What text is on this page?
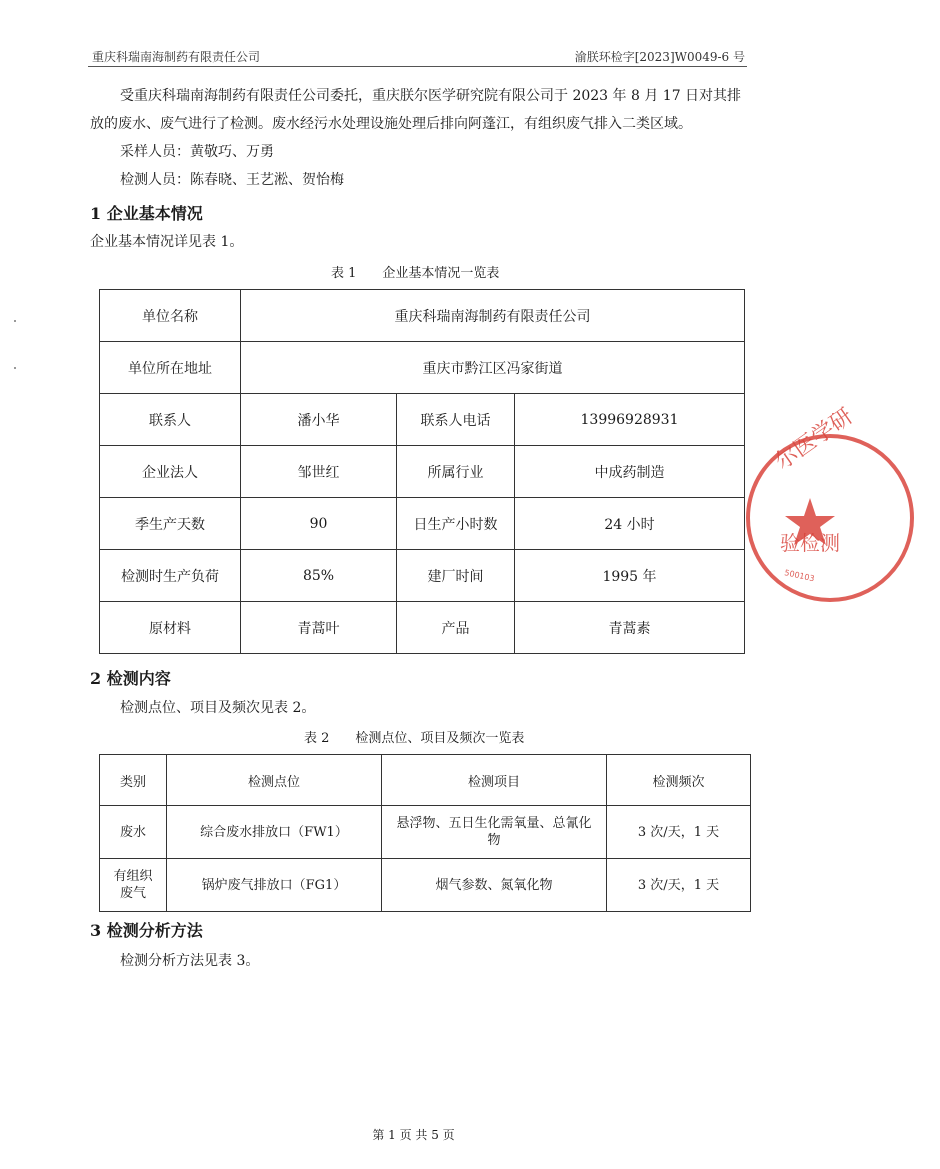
重庆科瑞南海制药有限责任公司	渝朕环检字[2023]W0049-6 号
受重庆科瑞南海制药有限责任公司委托，重庆朕尔医学研究院有限公司于 2023 年 8 月 17 日对其排
放的废水、废气进行了检测。废水经污水处理设施处理后排向阿蓬江，有组织废气排入二类区域。
采样人员：黄敬巧、万勇
检测人员：陈春晓、王艺淞、贺怡梅
1 企业基本情况
企业基本情况详见表 1。
表 1　　企业基本情况一览表
单位名称	重庆科瑞南海制药有限责任公司		
单位所在地址	重庆市黔江区冯家街道		
联系人	潘小华	联系人电话	13996928931
企业法人	邹世红	所属行业	中成药制造
季生产天数	90	日生产小时数	24 小时
检测时生产负荷	85%	建厂时间	1995 年
原材料	青蒿叶	产品	青蒿素
2 检测内容
检测点位、项目及频次见表 2。
表 2　　检测点位、项目及频次一览表
类别	检测点位	检测项目	检测频次
废水	综合废水排放口（FW1）	悬浮物、五日生化需氧量、总氰化物	3 次/天，1 天
有组织废气	锅炉废气排放口（FG1）	烟气参数、氮氧化物	3 次/天，1 天
3 检测分析方法
检测分析方法见表 3。
第 1 页 共 5 页
尔医学研
验检测
500103
